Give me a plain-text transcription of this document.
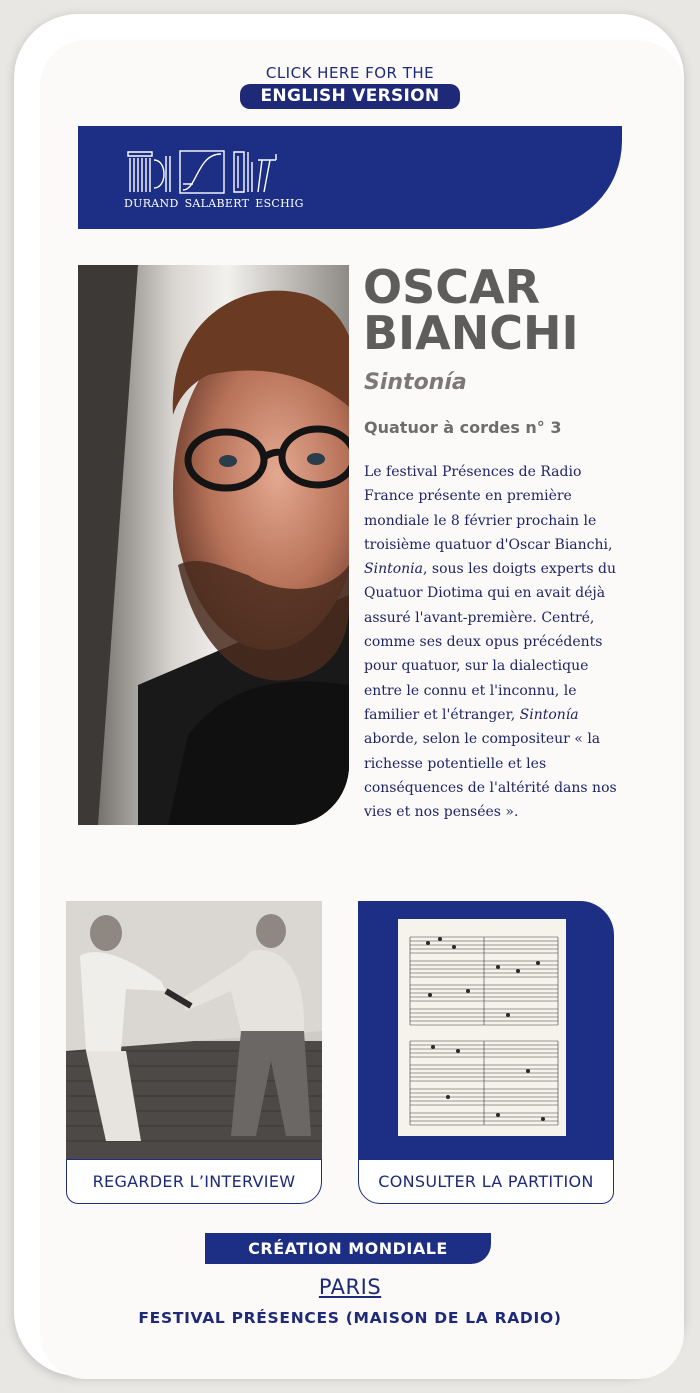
CLICK HERE FOR THE
ENGLISH VERSION
DURAND SALABERT ESCHIG
OSCAR
BIANCHI
Sintonía
Quatuor à cordes n° 3
Le festival Présences de Radio France présente en première mondiale le 8 février prochain le troisième quatuor d'Oscar Bianchi, Sintonia, sous les doigts experts du Quatuor Diotima qui en avait déjà assuré l'avant-première. Centré, comme ses deux opus précédents pour quatuor, sur la dialectique entre le connu et l'inconnu, le familier et l'étranger, Sintonía aborde, selon le compositeur « la richesse potentielle et les conséquences de l'altérité dans nos vies et nos pensées ».
REGARDER L’INTERVIEW	CONSULTER LA PARTITION
CRÉATION MONDIALE
PARIS
FESTIVAL PRÉSENCES (MAISON DE LA RADIO)
